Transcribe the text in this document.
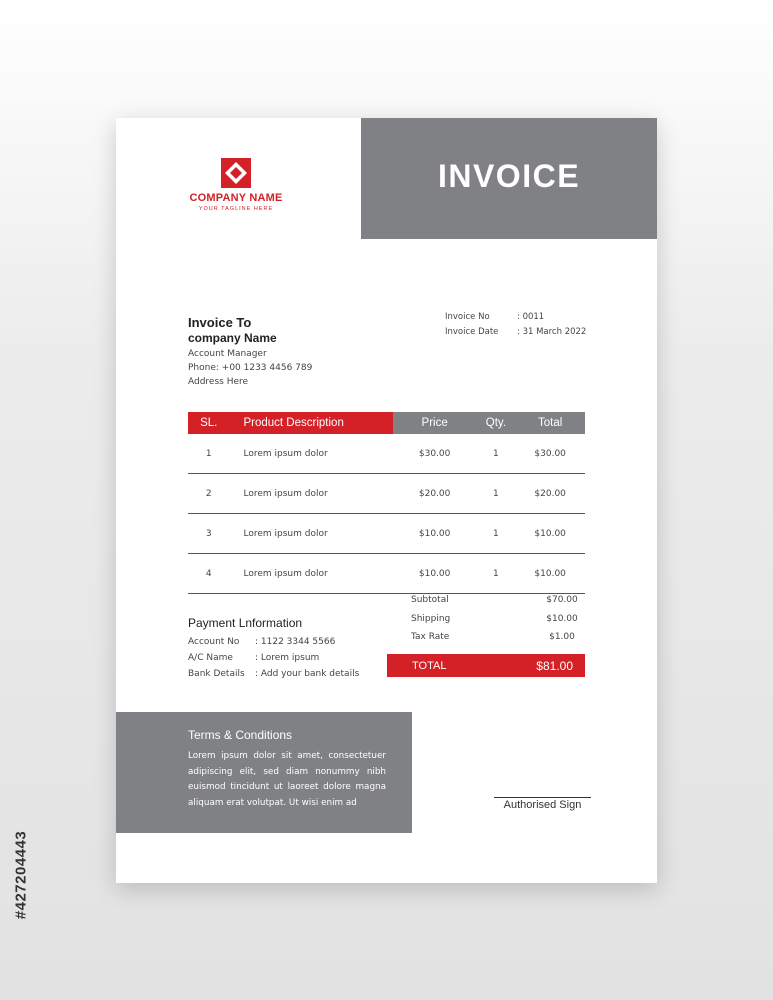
#427204443
INVOICE
COMPANY NAME
YOUR TAGLINE HERE
Invoice To
company Name
Account Manager
Phone: +00 1233 4456 789
Address Here
Invoice No	: 0011
Invoice Date	: 31 March 2022
SL.	Product Description	Price	Qty.	Total
1	Lorem ipsum dolor	$30.00	1	$30.00
2	Lorem ipsum dolor	$20.00	1	$20.00
3	Lorem ipsum dolor	$10.00	1	$10.00
4	Lorem ipsum dolor	$10.00	1	$10.00
Subtotal	$70.00
Shipping	$10.00
Tax Rate	$1.00
TOTAL	$81.00
Payment Lnformation
Account No	: 1122 3344 5566
A/C Name	: Lorem ipsum
Bank Details	: Add your bank details
Terms & Conditions
Lorem ipsum dolor sit amet, consectetuer adipiscing elit, sed diam nonummy nibh euismod tincidunt ut laoreet dolore magna aliquam erat volutpat. Ut wisi enim ad	Authorised Sign
